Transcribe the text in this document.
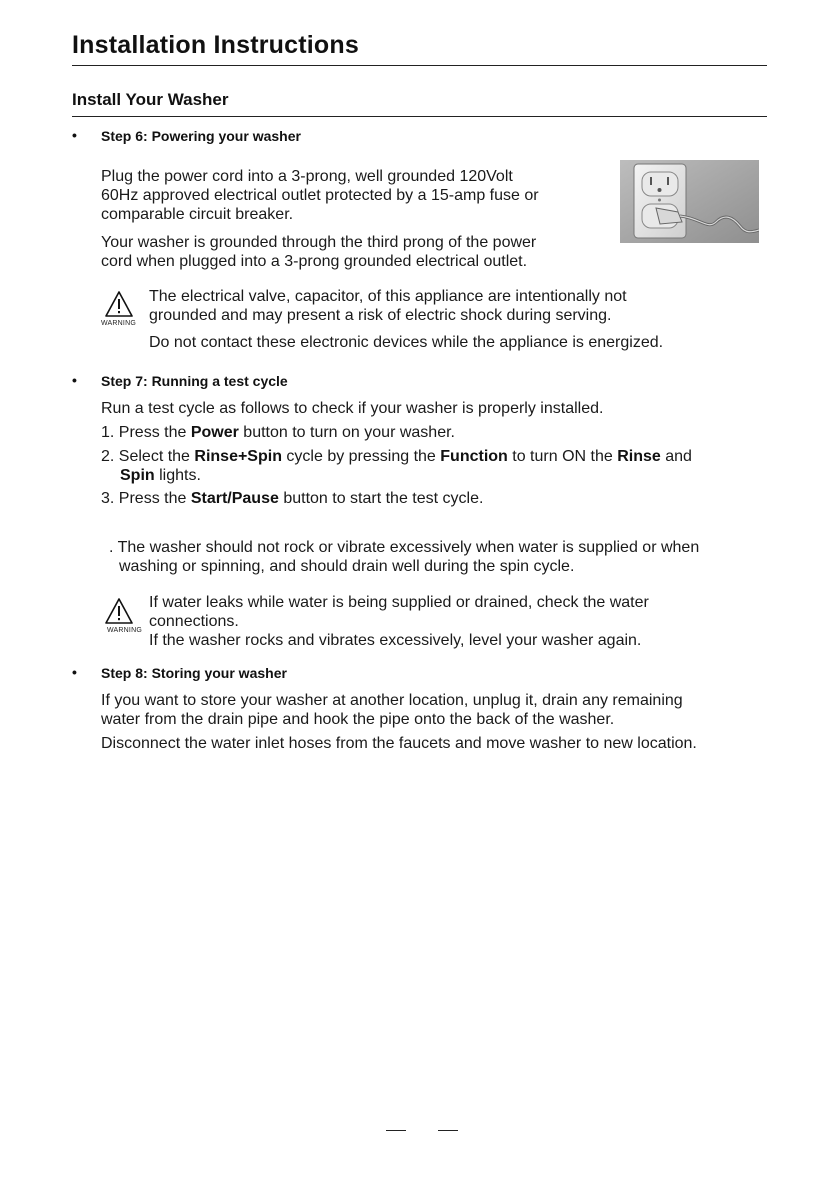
Installation Instructions
Install Your Washer
• Step 6: Powering your washer
Plug the power cord into a 3-prong, well grounded 120Volt
60Hz approved electrical outlet protected by a 15-amp fuse or
comparable circuit breaker.
Your washer is grounded through the third prong of the power
cord when plugged into a 3-prong grounded electrical outlet.
WARNING
The electrical valve, capacitor, of this appliance are intentionally not
grounded and may present a risk of electric shock during serving.
Do not contact these electronic devices while the appliance is energized.
• Step 7: Running a test cycle
Run a test cycle as follows to check if your washer is properly installed.
1. Press the Power button to turn on your washer.
2. Select the Rinse+Spin cycle by pressing the Function to turn ON the Rinse and
Spin lights.
3. Press the Start/Pause button to start the test cycle.
. The washer should not rock or vibrate excessively when water is supplied or when
washing or spinning, and should drain well during the spin cycle.
WARNING
If water leaks while water is being supplied or drained, check the water
connections.
If the washer rocks and vibrates excessively, level your washer again.
• Step 8: Storing your washer
If you want to store your washer at another location, unplug it, drain any remaining
water from the drain pipe and hook the pipe onto the back of the washer.
Disconnect the water inlet hoses from the faucets and move washer to new location.
